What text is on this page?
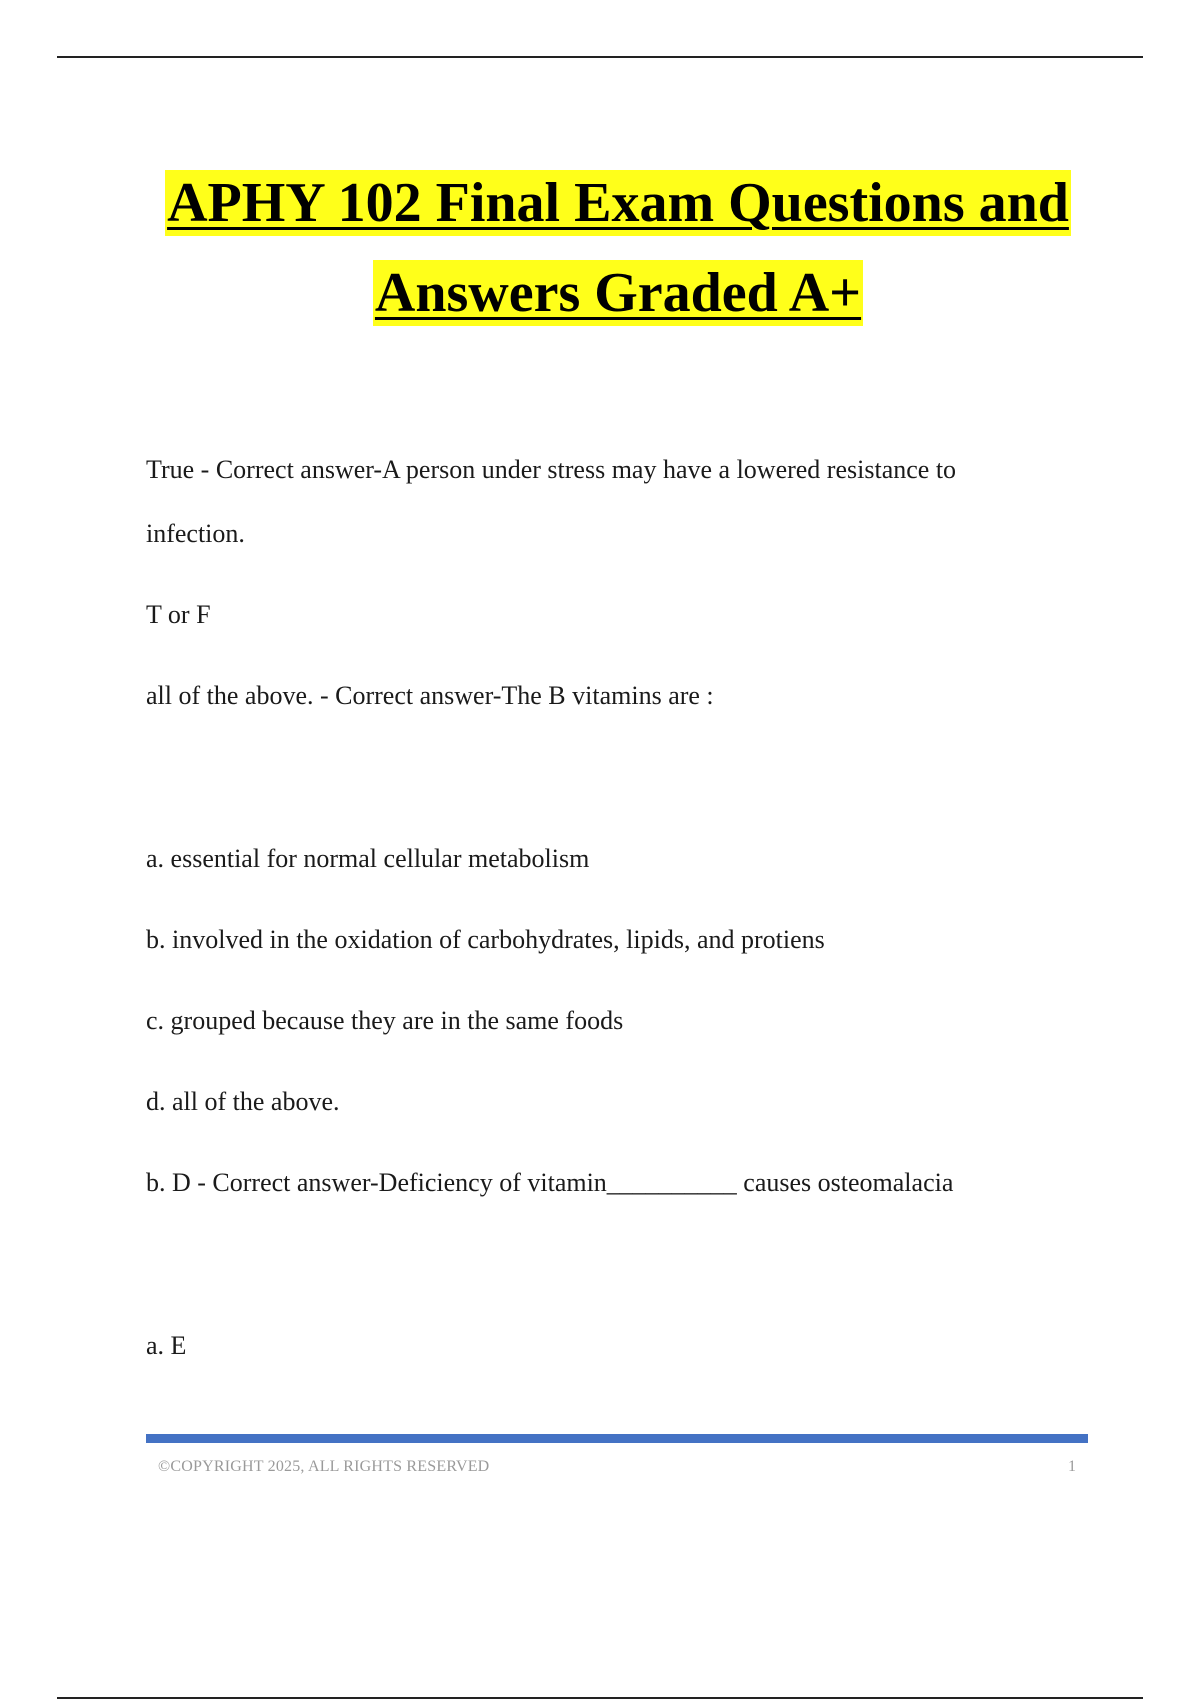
APHY 102 Final Exam Questions and
Answers Graded A+
True - Correct answer-A person under stress may have a lowered resistance to
infection.
T or F
all of the above. - Correct answer-The B vitamins are :
a. essential for normal cellular metabolism
b. involved in the oxidation of carbohydrates, lipids, and protiens
c. grouped because they are in the same foods
d. all of the above.
b. D - Correct answer-Deficiency of vitamin__________ causes osteomalacia
a. E
©COPYRIGHT 2025, ALL RIGHTS RESERVED	1
